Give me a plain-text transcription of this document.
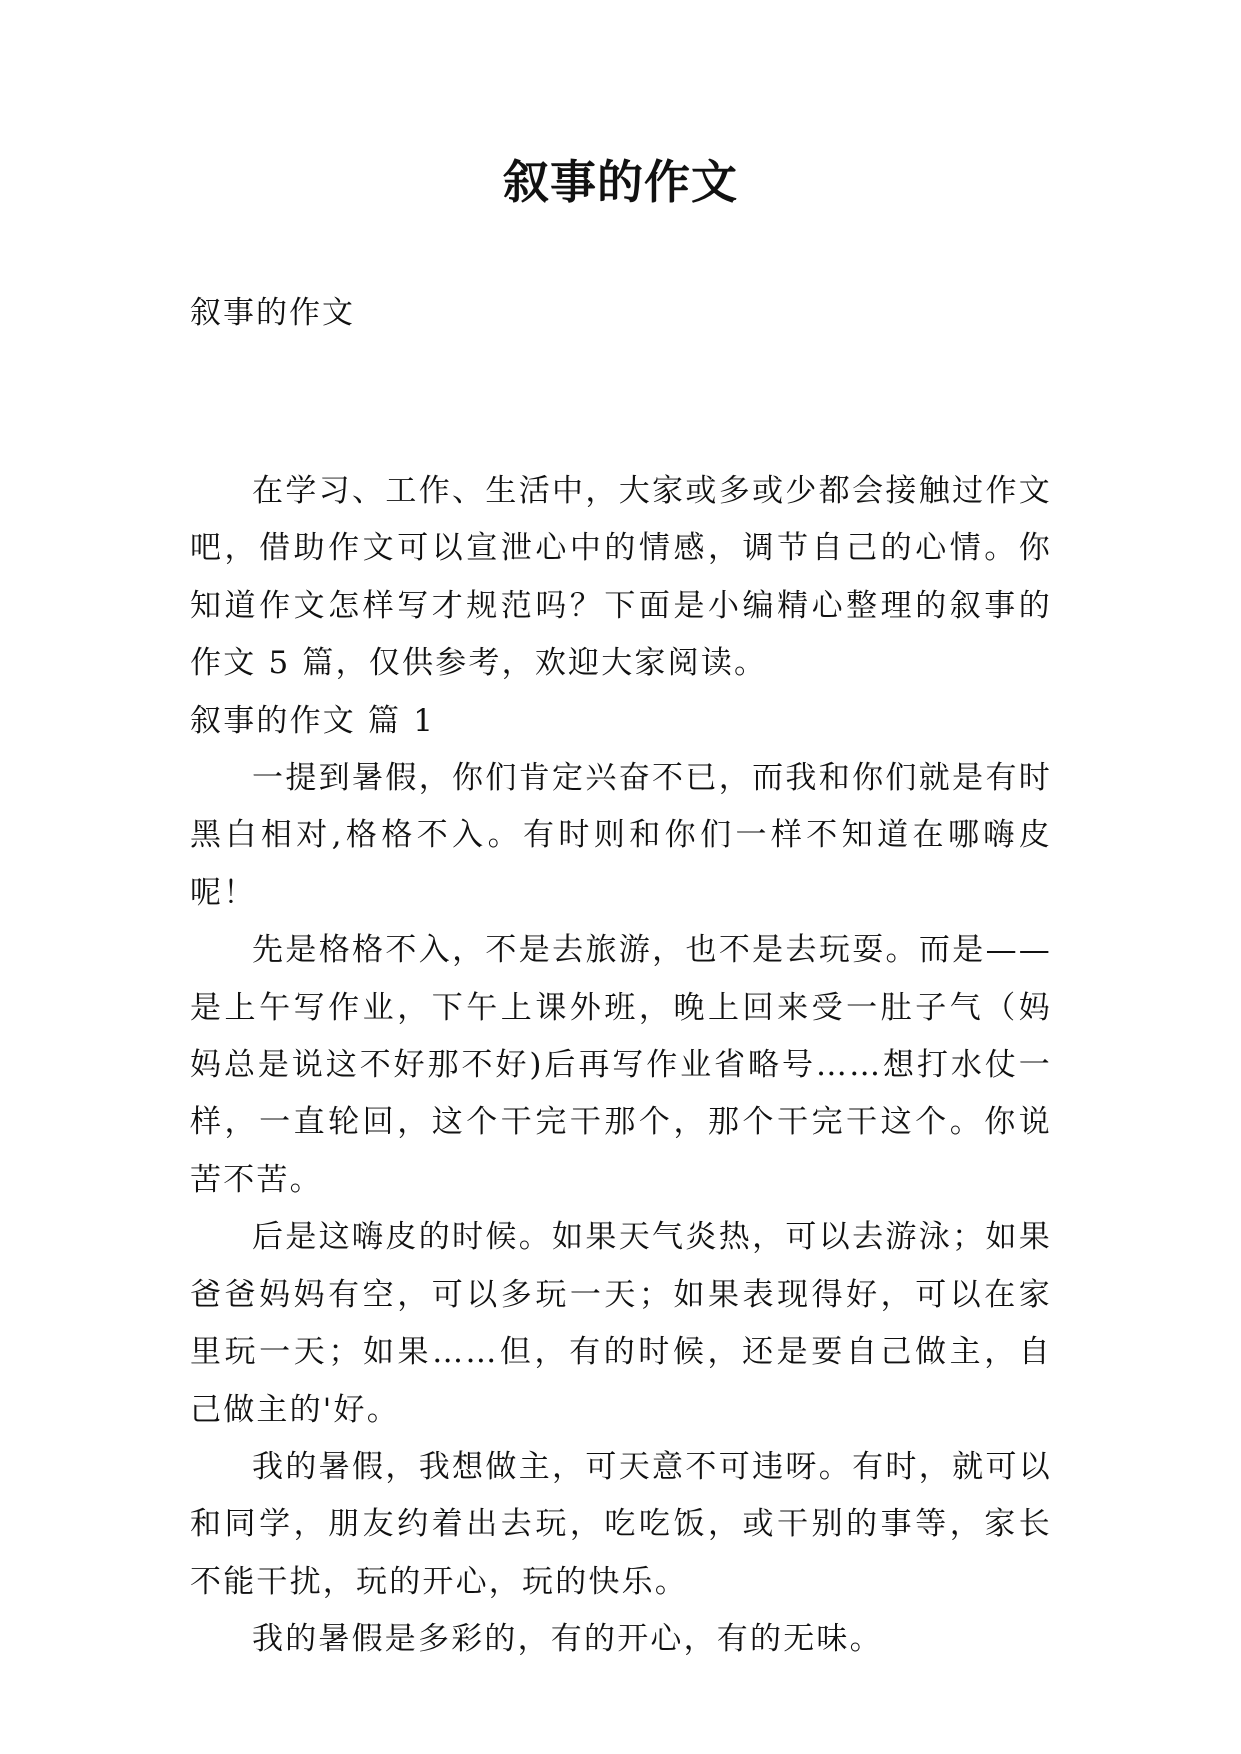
叙事的作文
叙事的作文

在学习、工作、生活中，大家或多或少都会接触过作文吧，借助作文可以宣泄心中的情感，调节自己的心情。你知道作文怎样写才规范吗？下面是小编精心整理的叙事的作文 5 篇，仅供参考，欢迎大家阅读。

叙事的作文 篇 1

一提到暑假，你们肯定兴奋不已，而我和你们就是有时黑白相对,格格不入。有时则和你们一样不知道在哪嗨皮呢！

先是格格不入，不是去旅游，也不是去玩耍。而是——是上午写作业，下午上课外班，晚上回来受一肚子气（妈妈总是说这不好那不好)后再写作业省略号……想打水仗一样，一直轮回，这个干完干那个，那个干完干这个。你说苦不苦。

后是这嗨皮的时候。如果天气炎热，可以去游泳；如果爸爸妈妈有空，可以多玩一天；如果表现得好，可以在家里玩一天；如果……但，有的时候，还是要自己做主，自己做主的'好。

我的暑假，我想做主，可天意不可违呀。有时，就可以和同学，朋友约着出去玩，吃吃饭，或干别的事等，家长不能干扰，玩的开心，玩的快乐。

我的暑假是多彩的，有的开心，有的无味。
